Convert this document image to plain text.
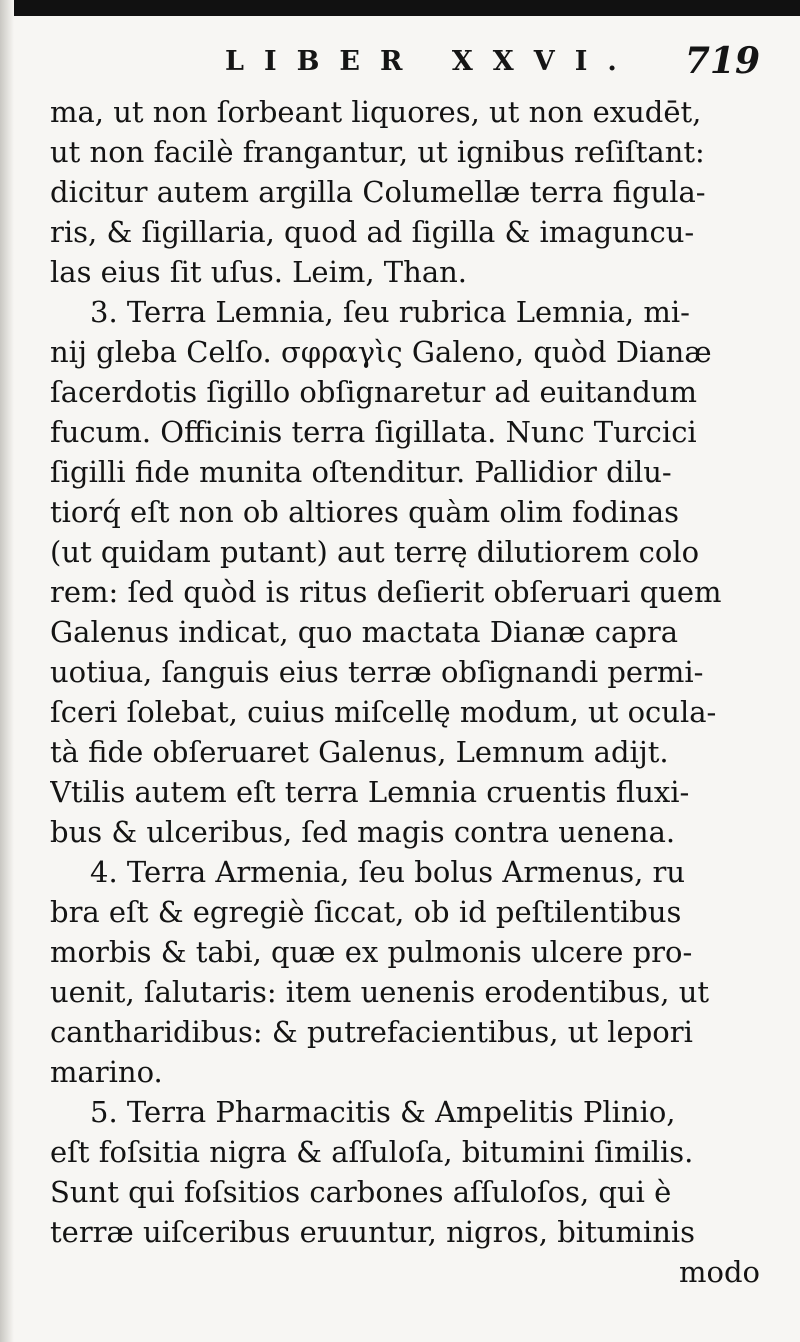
LIBER XXVI. 719
ma, ut non ſorbeant liquores, ut non exudēt,
ut non facilè frangantur, ut ignibus reſiſtant:
dicitur autem argilla Columellæ terra figula-
ris, & ſigillaria, quod ad ſigilla & imaguncu-
las eius ſit uſus. Leim, Than.
3. Terra Lemnia, ſeu rubrica Lemnia, mi-
nij gleba Celſo. σφραγὶς Galeno, quòd Dianæ
ſacerdotis ſigillo obſignaretur ad euitandum
fucum. Officinis terra ſigillata. Nunc Turcici
ſigilli fide munita oſtenditur. Pallidior dilu-
tiorq́ eſt non ob altiores quàm olim fodinas
(ut quidam putant) aut terrę dilutiorem colo
rem: ſed quòd is ritus deſierit obſeruari quem
Galenus indicat, quo mactata Dianæ capra
uotiua, ſanguis eius terræ obſignandi permi-
ſceri ſolebat, cuius miſcellę modum, ut ocula-
tà fide obſeruaret Galenus, Lemnum adijt.
Vtilis autem eſt terra Lemnia cruentis fluxi-
bus & ulceribus, ſed magis contra uenena.
4. Terra Armenia, ſeu bolus Armenus, ru
bra eſt & egregiè ſiccat, ob id peſtilentibus
morbis & tabi, quæ ex pulmonis ulcere pro-
uenit, ſalutaris: item uenenis erodentibus, ut
cantharidibus: & putrefacientibus, ut lepori
marino.
5. Terra Pharmacitis & Ampelitis Plinio,
eſt foſsitia nigra & aſſuloſa, bitumini ſimilis.
Sunt qui foſsitios carbones aſſuloſos, qui è
terræ uiſceribus eruuntur, nigros, bituminis
modo
